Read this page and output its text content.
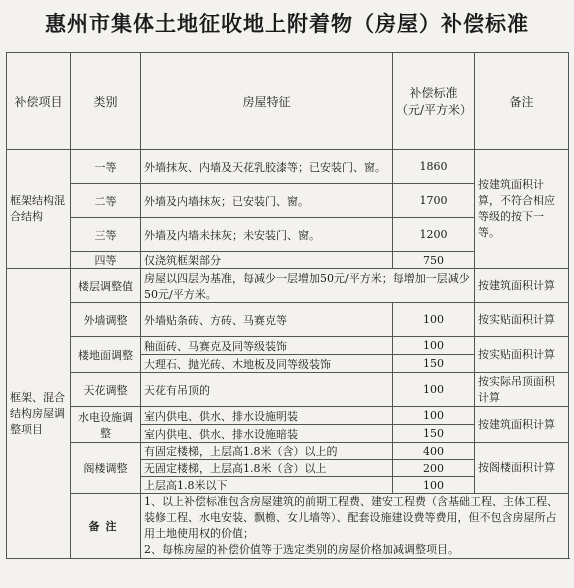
惠州市集体土地征收地上附着物（房屋）补偿标准
补偿项目	类别	房屋特征	补偿标准（元/平方米）	备注
框架结构混合结构	一等	外墙抹灰、内墙及天花乳胶漆等；已安装门、窗。	1860	按建筑面积计算，不符合相应等级的按下一等。
	二等	外墙及内墙抹灰；已安装门、窗。	1700	
	三等	外墙及内墙未抹灰；未安装门、窗。	1200	
	四等	仅浇筑框架部分	750	
框架、混合结构房屋调整项目	楼层调整值	房屋以四层为基准，每减少一层增加50元/平方米；每增加一层减少50元/平方米。		按建筑面积计算
	外墙调整	外墙贴条砖、方砖、马赛克等	100	按实贴面积计算
	楼地面调整	釉面砖、马赛克及同等级装饰	100	按实贴面积计算
		大理石、抛光砖、木地板及同等级装饰	150	
	天花调整	天花有吊顶的	100	按实际吊顶面积计算
	水电设施调整	室内供电、供水、排水设施明装	100	按建筑面积计算
		室内供电、供水、排水设施暗装	150	
	阁楼调整	有固定楼梯，上层高1.8米（含）以上的	400	按阁楼面积计算
		无固定楼梯，上层高1.8米（含）以上	200	
		上层高1.8米以下	100	
	备注	1、以上补偿标准包含房屋建筑的前期工程费、建安工程费（含基础工程、主体工程、装修工程、水电安装、飘檐、女儿墙等）、配套设施建设费等费用，但不包含房屋所占用土地使用权的价值；
2、每栋房屋的补偿价值等于选定类别的房屋价格加减调整项目。		
